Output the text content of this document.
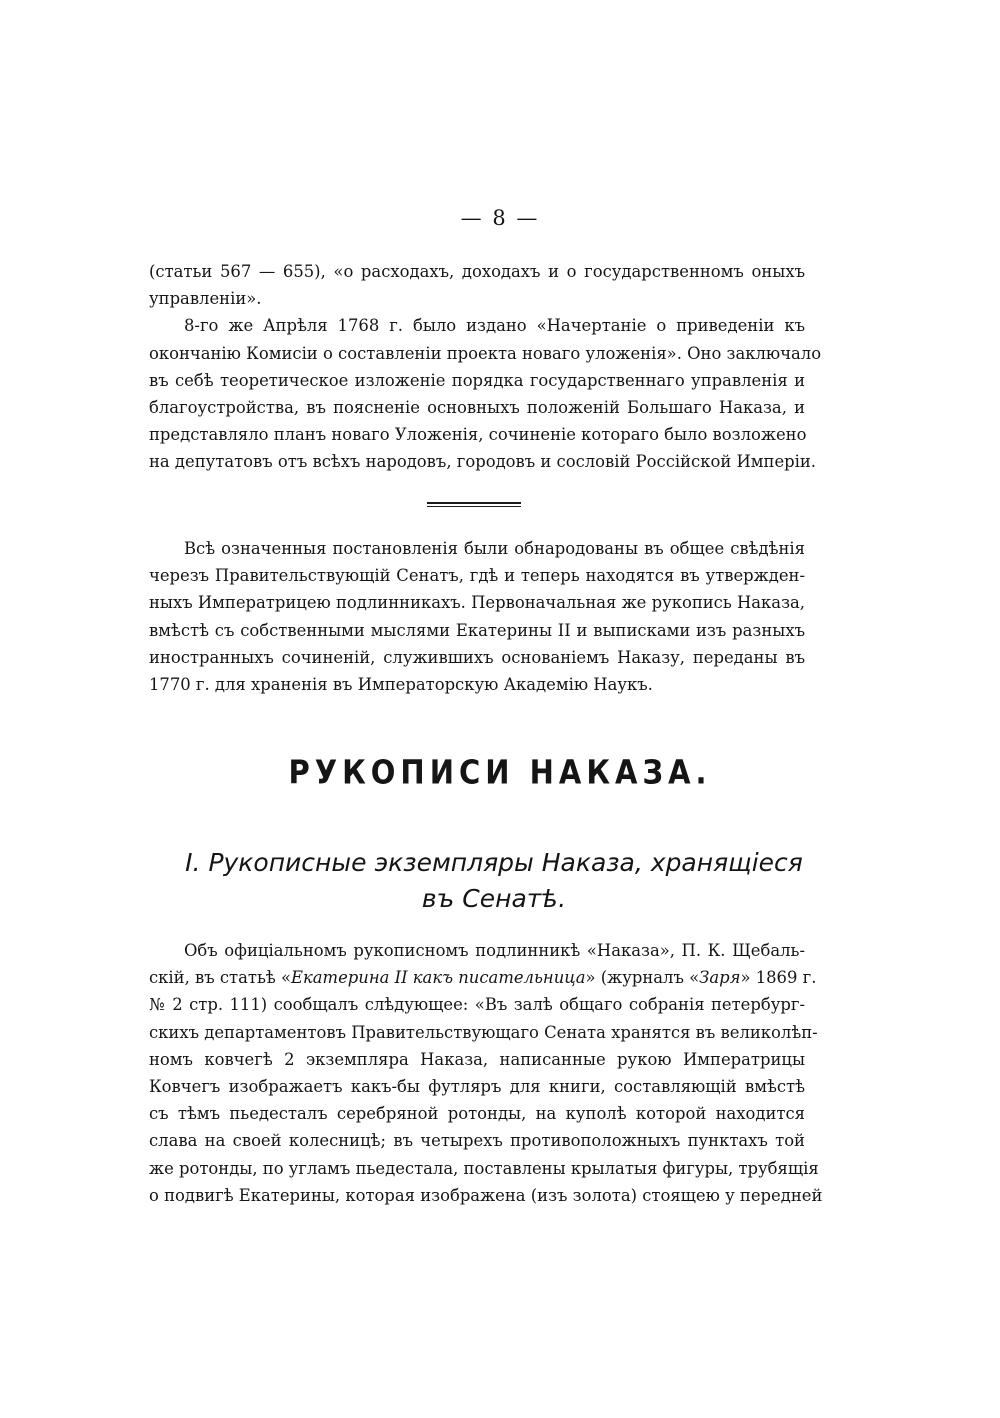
— 8 —
(статьи 567 — 655), «о расходахъ, доходахъ и о государственномъ оныхъ
управленіи».
8-го же Апрѣля 1768 г. было издано «Начертаніе о приведеніи къ
окончанію Комисіи о составленіи проекта новаго уложенія». Оно заключало
въ себѣ теоретическое изложеніе порядка государственнаго управленія и
благоустройства, въ поясненіе основныхъ положеній Большаго Наказа, и
представляло планъ новаго Уложенія, сочиненіе котораго было возложено
на депутатовъ отъ всѣхъ народовъ, городовъ и сословій Россійской Имперіи.
Всѣ означенныя постановленія были обнародованы въ общее свѣдѣнія
черезъ Правительствующій Сенатъ, гдѣ и теперь находятся въ утвержден-
ныхъ Императрицею подлинникахъ. Первоначальная же рукопись Наказа,
вмѣстѣ съ собственными мыслями Екатерины II и выписками изъ разныхъ
иностранныхъ сочиненій, служившихъ основаніемъ Наказу, переданы въ
1770 г. для храненія въ Императорскую Академію Наукъ.
РУКОПИСИ НАКАЗА.
I. Рукописные экземпляры Наказа, хранящіеся
въ Сенатѣ.
Объ офиціальномъ рукописномъ подлинникѣ «Наказа», П. К. Щебаль-
скій, въ статьѣ «Екатерина II какъ писательница» (журналъ «Заря» 1869 г.
№ 2 стр. 111) сообщалъ слѣдующее: «Въ залѣ общаго собранія петербург-
скихъ департаментовъ Правительствующаго Сената хранятся въ великолѣп-
номъ ковчегѣ 2 экземпляра Наказа, написанные рукою Императрицы
Ковчегъ изображаетъ какъ-бы футляръ для книги, составляющій вмѣстѣ
съ тѣмъ пьедесталъ серебряной ротонды, на куполѣ которой находится
слава на своей колесницѣ; въ четырехъ противоположныхъ пунктахъ той
же ротонды, по угламъ пьедестала, поставлены крылатыя фигуры, трубящія
о подвигѣ Екатерины, которая изображена (изъ золота) стоящею у передней
